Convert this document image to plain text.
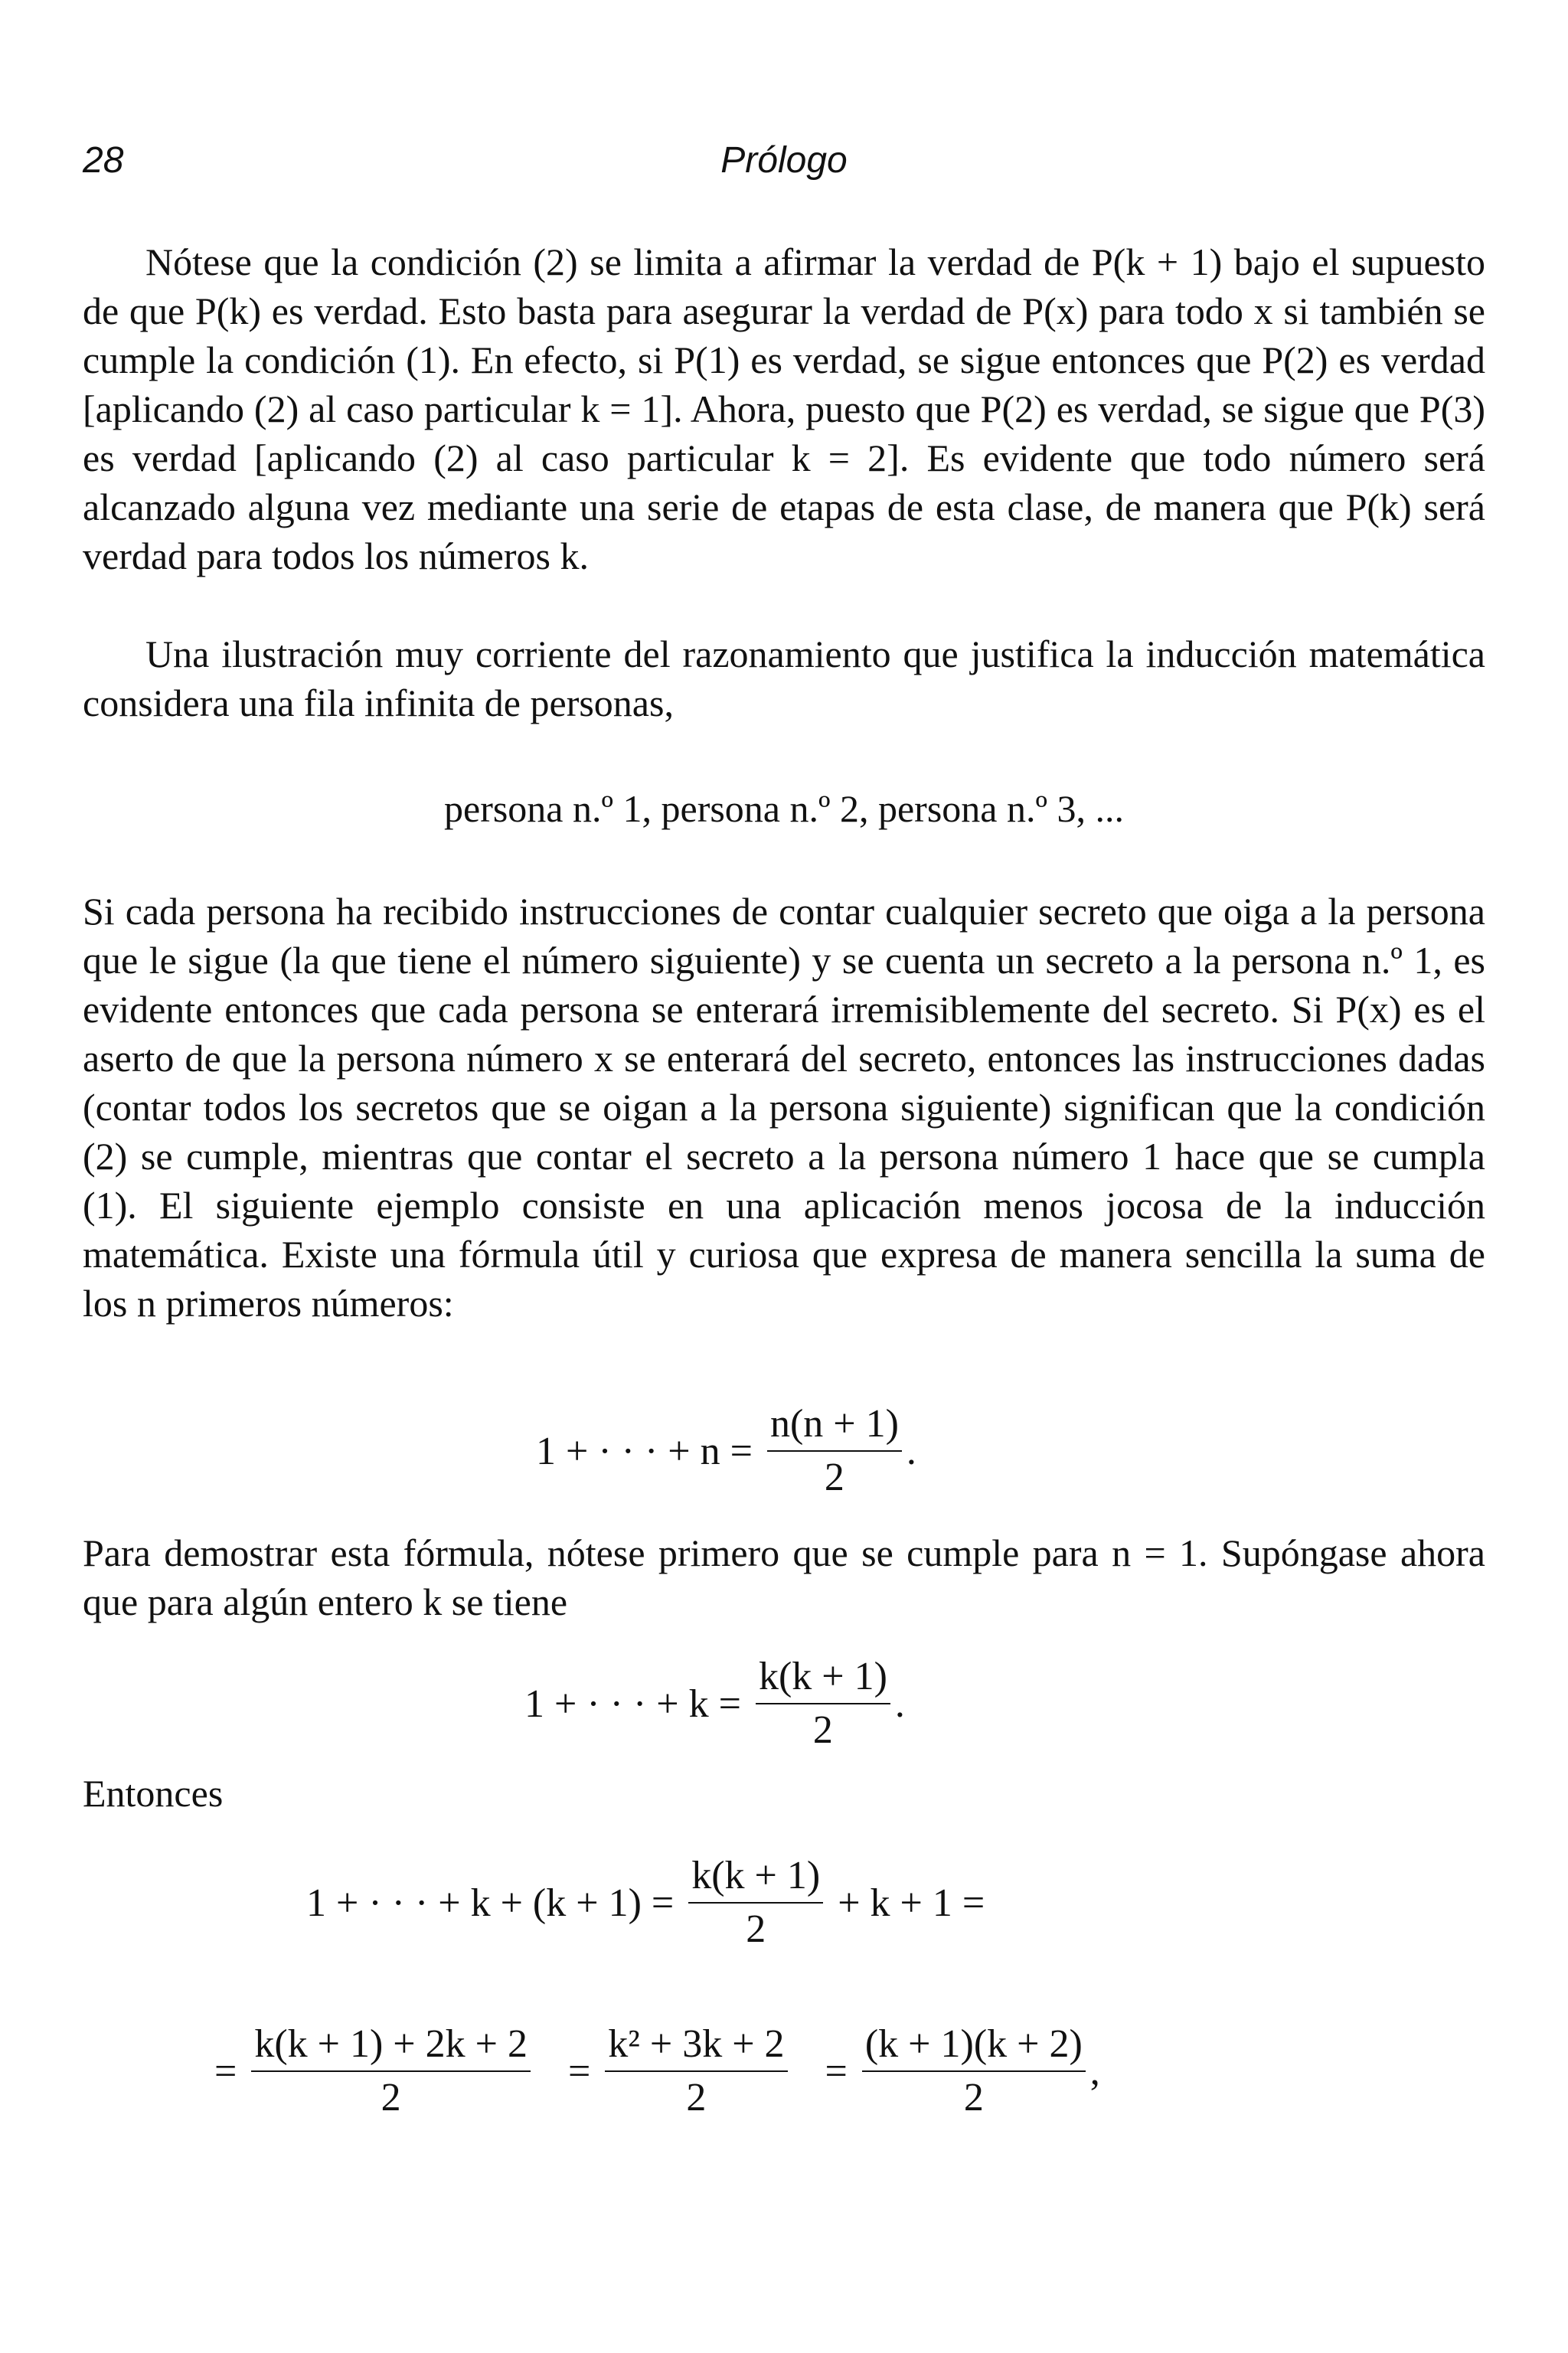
28	Prólogo

Nótese que la condición (2) se limita a afirmar la verdad de P(k + 1) bajo el supuesto de que P(k) es verdad. Esto basta para asegurar la verdad de P(x) para todo x si también se cumple la condición (1). En efecto, si P(1) es verdad, se sigue entonces que P(2) es verdad [aplicando (2) al caso particular k = 1]. Ahora, puesto que P(2) es verdad, se sigue que P(3) es verdad [aplicando (2) al caso particular k = 2]. Es evidente que todo número será alcanzado alguna vez mediante una serie de etapas de esta clase, de manera que P(k) será verdad para todos los números k.

Una ilustración muy corriente del razonamiento que justifica la inducción matemática considera una fila infinita de personas,

persona n.º 1, persona n.º 2, persona n.º 3, ...

Si cada persona ha recibido instrucciones de contar cualquier secreto que oiga a la persona que le sigue (la que tiene el número siguiente) y se cuenta un secreto a la persona n.º 1, es evidente entonces que cada persona se enterará irremisiblemente del secreto. Si P(x) es el aserto de que la persona número x se enterará del secreto, entonces las instrucciones dadas (contar todos los secretos que se oigan a la persona siguiente) significan que la condición (2) se cumple, mientras que contar el secreto a la persona número 1 hace que se cumpla (1). El siguiente ejemplo consiste en una aplicación menos jocosa de la inducción matemática. Existe una fórmula útil y curiosa que expresa de manera sencilla la suma de los n primeros números:

1 + · · · + $n = \frac{n(n + 1)}{2}$ .

Para demostrar esta fórmula, nótese primero que se cumple para n = 1. Supóngase ahora que para algún entero k se tiene

1 + · · · + $k = \frac{k(k + 1)}{2}$ .

Entonces

1 + · · · + $k + (k + 1) = \frac{k(k + 1)}{2} + k + 1$ =
= $\frac{k(k + 1) + 2k + 2}{2} = \frac{\text{k² + 3k + 2}}{2} = \frac{(k + 1)(k + 2)}{2}$ ,
